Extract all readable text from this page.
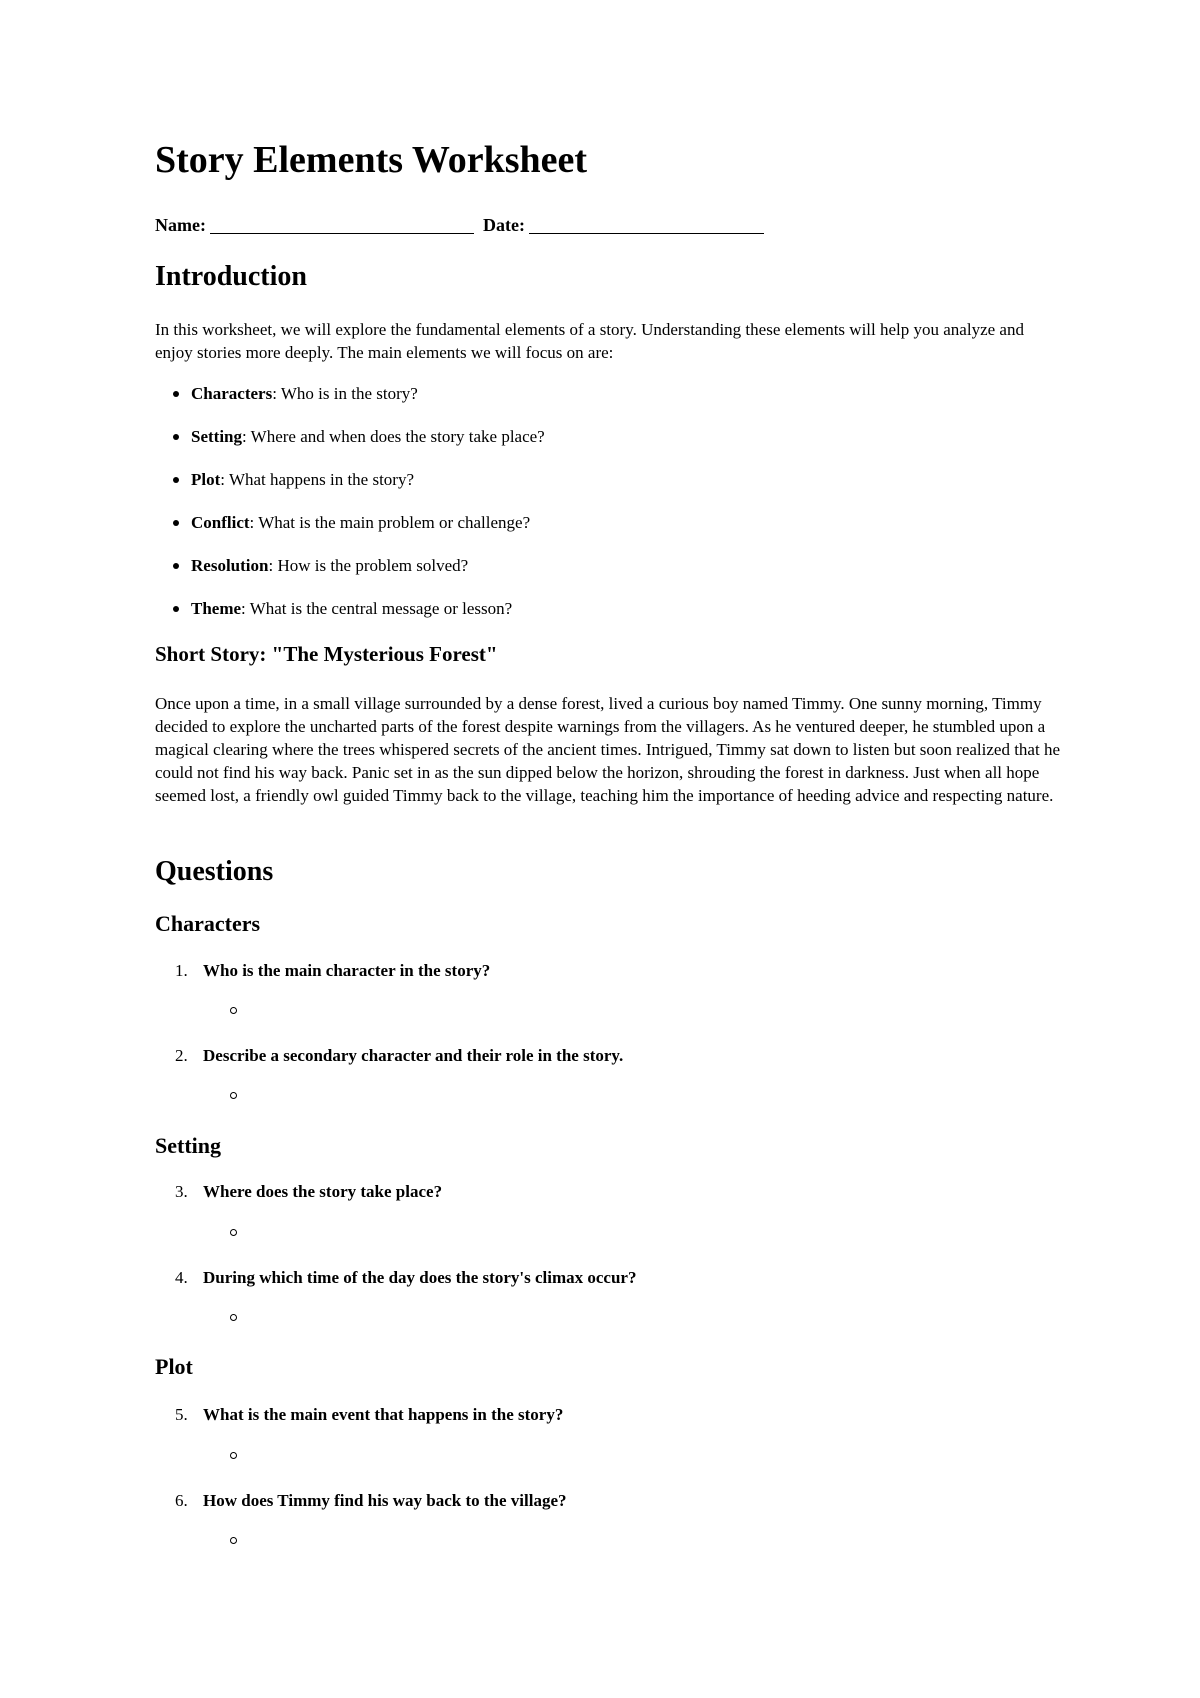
Story Elements Worksheet
Name:	Date:
Introduction

In this worksheet, we will explore the fundamental elements of a story. Understanding these elements will help you analyze and enjoy stories more deeply. The main elements we will focus on are:

Characters: Who is in the story?
Setting: Where and when does the story take place?
Plot: What happens in the story?
Conflict: What is the main problem or challenge?
Resolution: How is the problem solved?
Theme: What is the central message or lesson?
Short Story: "The Mysterious Forest"

Once upon a time, in a small village surrounded by a dense forest, lived a curious boy named Timmy. One sunny morning, Timmy decided to explore the uncharted parts of the forest despite warnings from the villagers. As he ventured deeper, he stumbled upon a magical clearing where the trees whispered secrets of the ancient times. Intrigued, Timmy sat down to listen but soon realized that he could not find his way back. Panic set in as the sun dipped below the horizon, shrouding the forest in darkness. Just when all hope seemed lost, a friendly owl guided Timmy back to the village, teaching him the importance of heeding advice and respecting nature.

Questions
Characters
1. Who is the main character in the story?
2. Describe a secondary character and their role in the story.
Setting
3. Where does the story take place?
4. During which time of the day does the story's climax occur?
Plot
5. What is the main event that happens in the story?
6. How does Timmy find his way back to the village?
